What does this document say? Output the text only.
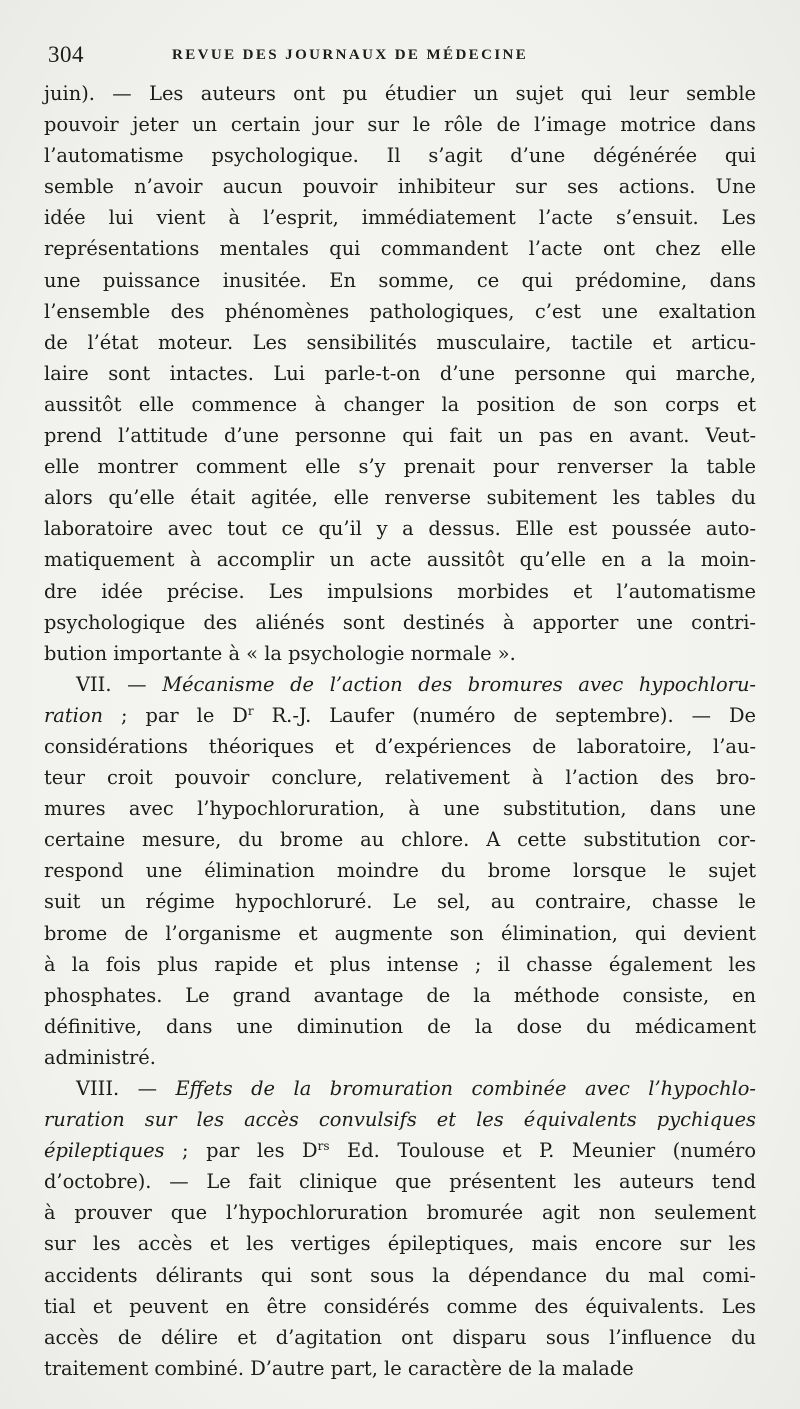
304	REVUE DES JOURNAUX DE MÉDECINE
juin). — Les auteurs ont pu étudier un sujet qui leur semble
pouvoir jeter un certain jour sur le rôle de l’image motrice dans
l’automatisme psychologique. Il s’agit d’une dégénérée qui
semble n’avoir aucun pouvoir inhibiteur sur ses actions. Une
idée lui vient à l’esprit, immédiatement l’acte s’ensuit. Les
représentations mentales qui commandent l’acte ont chez elle
une puissance inusitée. En somme, ce qui prédomine, dans
l’ensemble des phénomènes pathologiques, c’est une exaltation
de l’état moteur. Les sensibilités musculaire, tactile et articu-
laire sont intactes. Lui parle-t-on d’une personne qui marche,
aussitôt elle commence à changer la position de son corps et
prend l’attitude d’une personne qui fait un pas en avant. Veut-
elle montrer comment elle s’y prenait pour renverser la table
alors qu’elle était agitée, elle renverse subitement les tables du
laboratoire avec tout ce qu’il y a dessus. Elle est poussée auto-
matiquement à accomplir un acte aussitôt qu’elle en a la moin-
dre idée précise. Les impulsions morbides et l’automatisme
psychologique des aliénés sont destinés à apporter une contri-
bution importante à « la psychologie normale ».
VII. — Mécanisme de l’action des bromures avec hypochloru-
ration ; par le $D^r$ R.-J. Laufer (numéro de septembre). — De
considérations théoriques et d’expériences de laboratoire, l’au-
teur croit pouvoir conclure, relativement à l’action des bro-
mures avec l’hypochloruration, à une substitution, dans une
certaine mesure, du brome au chlore. A cette substitution cor-
respond une élimination moindre du brome lorsque le sujet
suit un régime hypochloruré. Le sel, au contraire, chasse le
brome de l’organisme et augmente son élimination, qui devient
à la fois plus rapide et plus intense ; il chasse également les
phosphates. Le grand avantage de la méthode consiste, en
définitive, dans une diminution de la dose du médicament
administré.
VIII. — Effets de la bromuration combinée avec l’hypochlo-
ruration sur les accès convulsifs et les équivalents pychiques
épileptiques ; par les $D^{rs}$ Ed. Toulouse et P. Meunier (numéro
d’octobre). — Le fait clinique que présentent les auteurs tend
à prouver que l’hypochloruration bromurée agit non seulement
sur les accès et les vertiges épileptiques, mais encore sur les
accidents délirants qui sont sous la dépendance du mal comi-
tial et peuvent en être considérés comme des équivalents. Les
accès de délire et d’agitation ont disparu sous l’influence du
traitement combiné. D’autre part, le caractère de la malade
